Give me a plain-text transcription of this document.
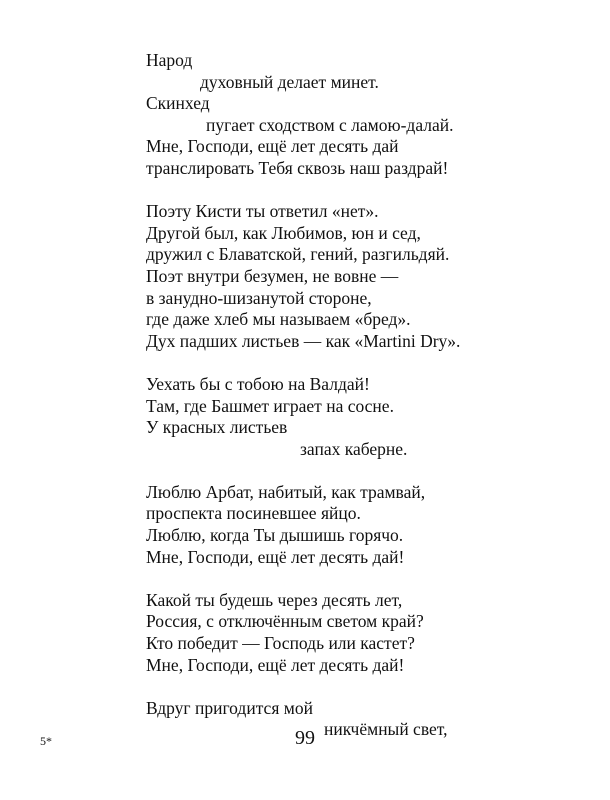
Народ
духовный делает минет.
Скинхед
пугает сходством с ламою-далай.
Мне, Господи, ещё лет десять дай
транслировать Тебя сквозь наш раздрай!
Поэту Кисти ты ответил «нет».
Другой был, как Любимов, юн и сед,
дружил с Блаватской, гений, разгильдяй.
Поэт внутри безумен, не вовне —
в занудно-шизанутой стороне,
где даже хлеб мы называем «бред».
Дух падших листьев — как «Martini Dry».
Уехать бы с тобою на Валдай!
Там, где Башмет играет на сосне.
У красных листьев
запах каберне.
Люблю Арбат, набитый, как трамвай,
проспекта посиневшее яйцо.
Люблю, когда Ты дышишь горячо.
Мне, Господи, ещё лет десять дай!
Какой ты будешь через десять лет,
Россия, с отключённым светом край?
Кто победит — Господь или кастет?
Мне, Господи, ещё лет десять дай!
Вдруг пригодится мой
никчёмный свет,
5*	99
